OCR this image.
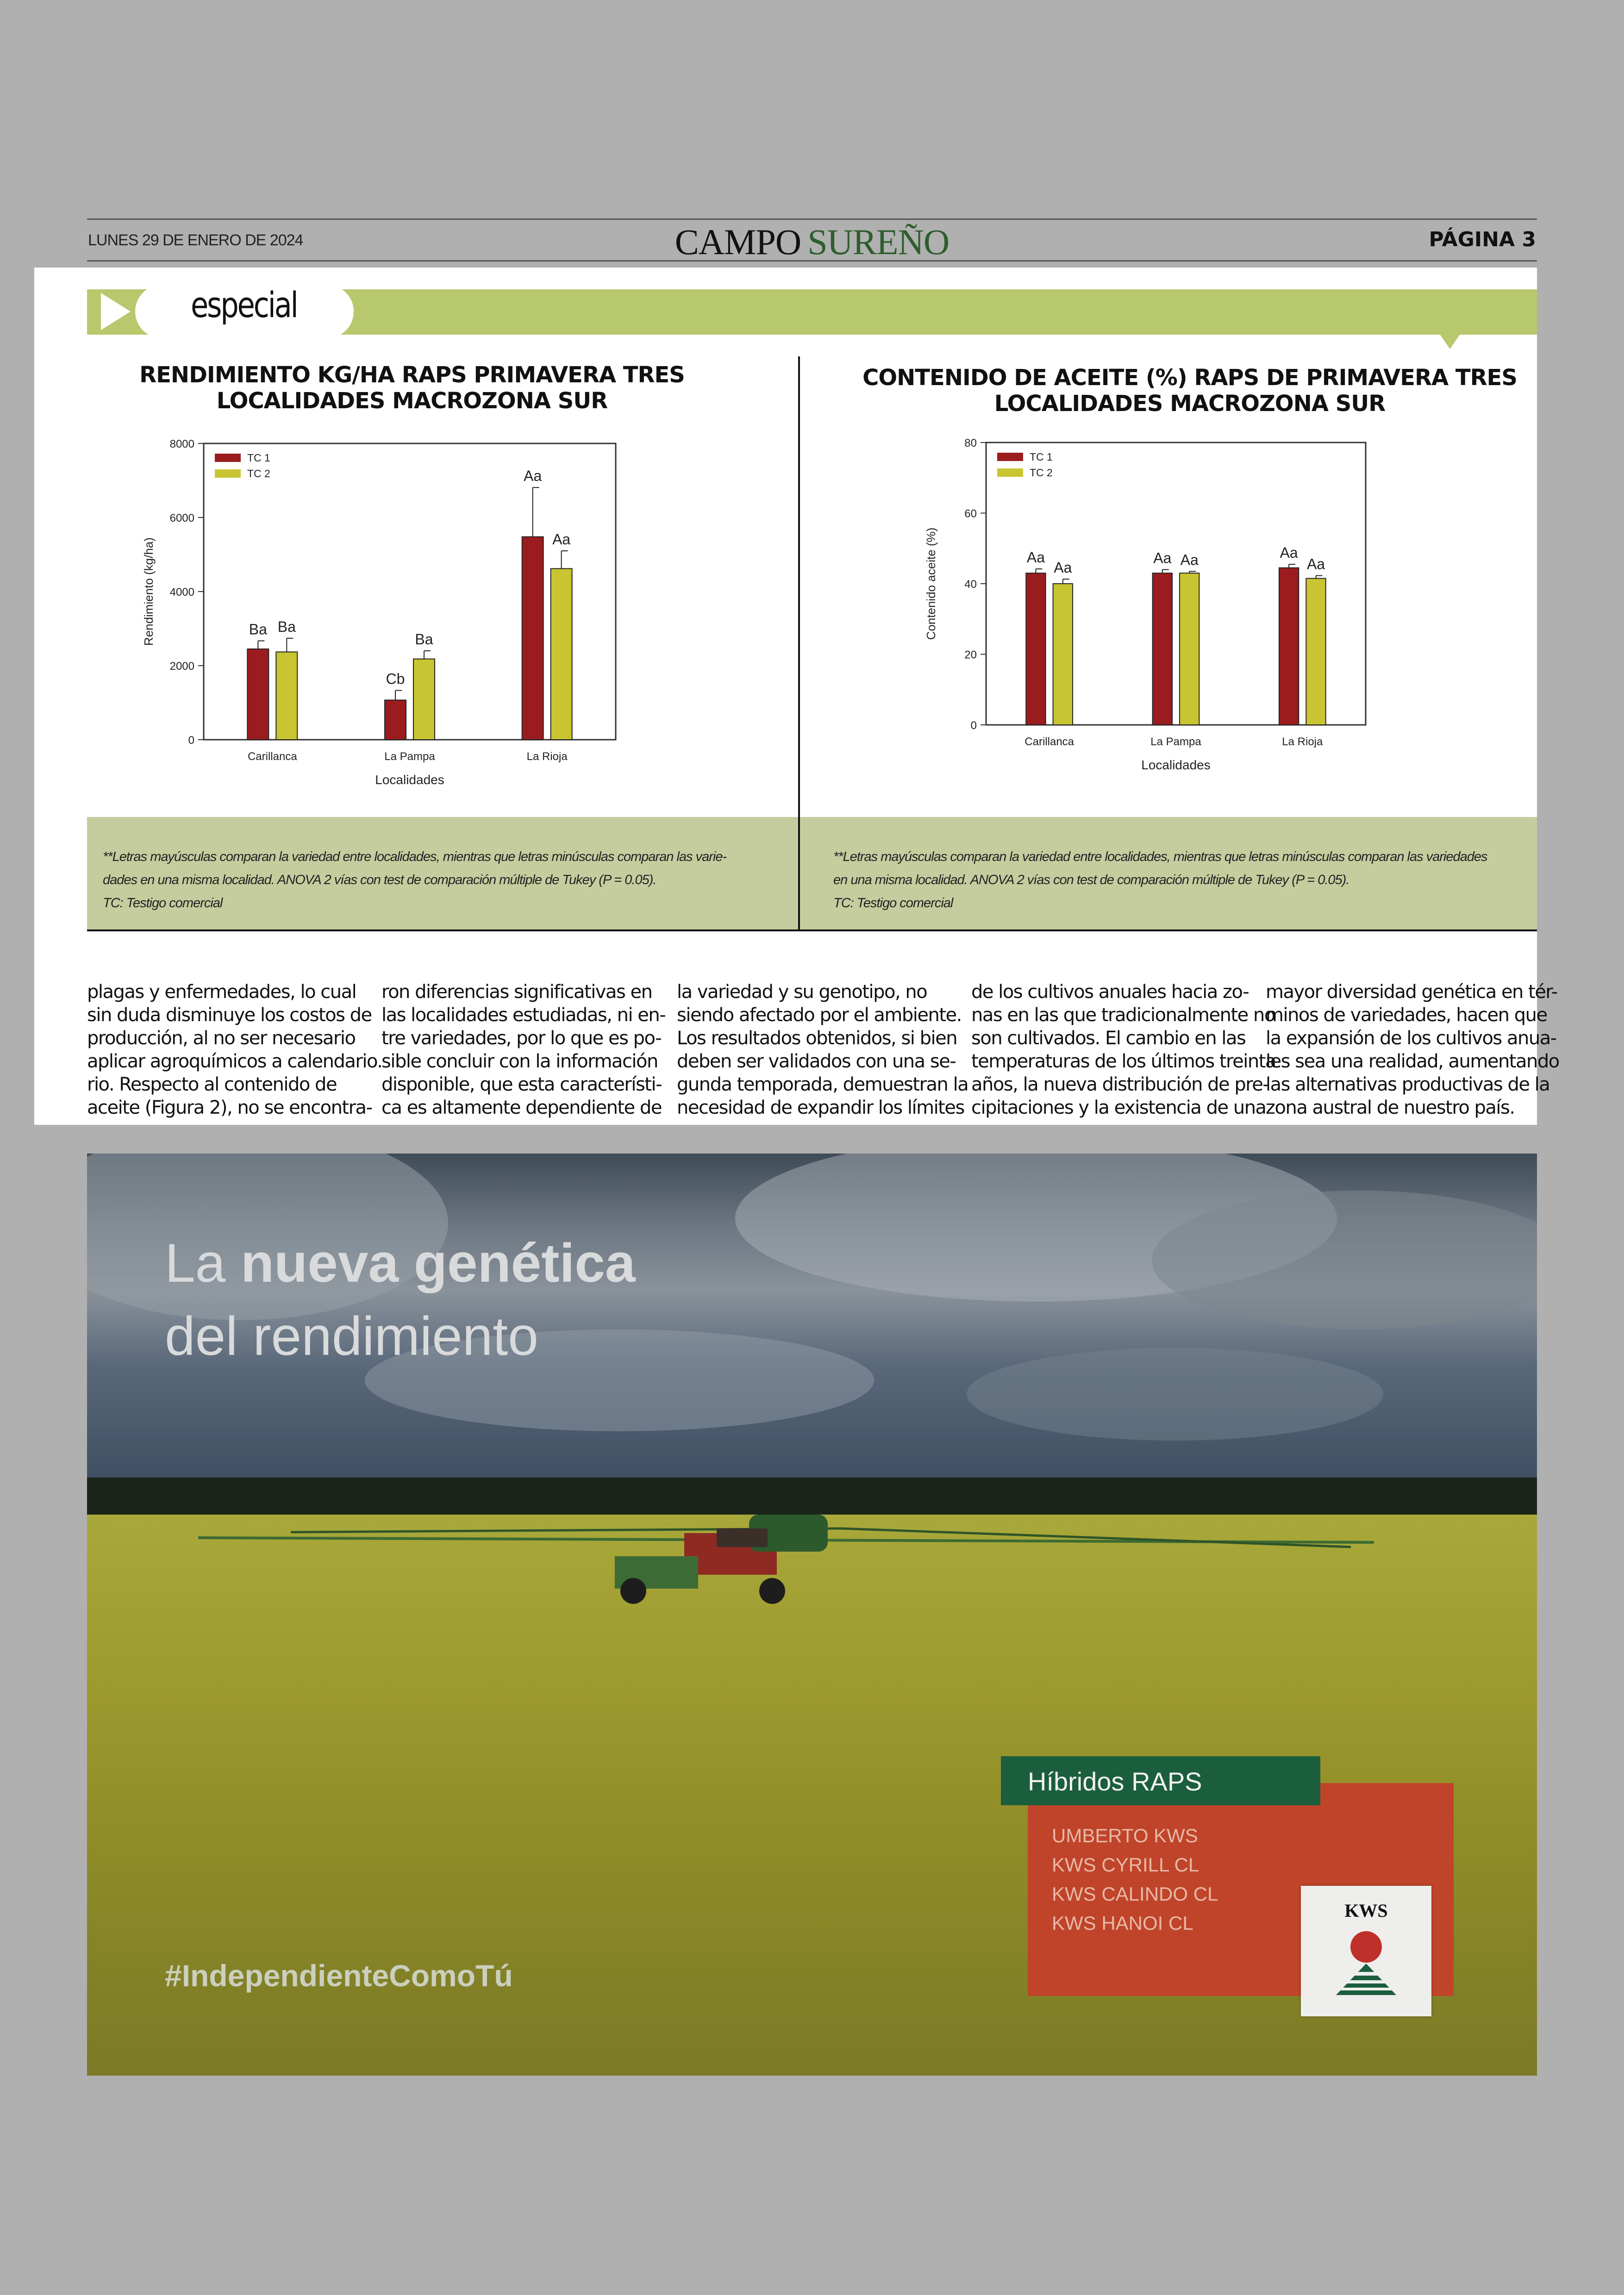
LUNES 29 DE ENERO DE 2024	CAMPO SUREÑO	PÁGINA 3
especial
RENDIMIENTO KG/HA RAPS PRIMAVERA TRES
LOCALIDADES MACROZONA SUR
CONTENIDO DE ACEITE (%) RAPS DE PRIMAVERA TRES
LOCALIDADES MACROZONA SUR
0
2000
4000
6000
8000
Carillanca
Ba Ba
La Pampa
Cb
Ba
La Rioja
Aa
Aa
Localidades
Rendimiento (kg/ha)
TC 1
TC 2
0
20
40
60
80
Carillanca
Aa
Aa
La Pampa
Aa Aa
La Rioja
Aa
Aa
Localidades
Contenido aceite (%)
TC 1
TC 2
**Letras mayúsculas comparan la variedad entre localidades, mientras que letras minúsculas comparan las varie-
dades en una misma localidad. ANOVA 2 vías con test de comparación múltiple de Tukey (P = 0.05).
TC: Testigo comercial
**Letras mayúsculas comparan la variedad entre localidades, mientras que letras minúsculas comparan las variedades
en una misma localidad. ANOVA 2 vías con test de comparación múltiple de Tukey (P = 0.05).
TC: Testigo comercial
plagas y enfermedades, lo cual
sin duda disminuye los costos de
producción, al no ser necesario
aplicar agroquímicos a calendario.
rio. Respecto al contenido de
aceite (Figura 2), no se encontra-
ron diferencias significativas en
las localidades estudiadas, ni en-
tre variedades, por lo que es po-
sible concluir con la información
disponible, que esta característi-
ca es altamente dependiente de
la variedad y su genotipo, no
siendo afectado por el ambiente.
Los resultados obtenidos, si bien
deben ser validados con una se-
gunda temporada, demuestran la
necesidad de expandir los límites
de los cultivos anuales hacia zo-
nas en las que tradicionalmente no
son cultivados. El cambio en las
temperaturas de los últimos treinta
años, la nueva distribución de pre-
cipitaciones y la existencia de una
mayor diversidad genética en tér-
minos de variedades, hacen que
la expansión de los cultivos anua-
les sea una realidad, aumentando
las alternativas productivas de la
zona austral de nuestro país.
La nueva genética
del rendimiento
#IndependienteComoTú
Híbridos RAPS
UMBERTO KWS
KWS CYRILL CL
KWS CALINDO CL
KWS HANOI CL
KWS
